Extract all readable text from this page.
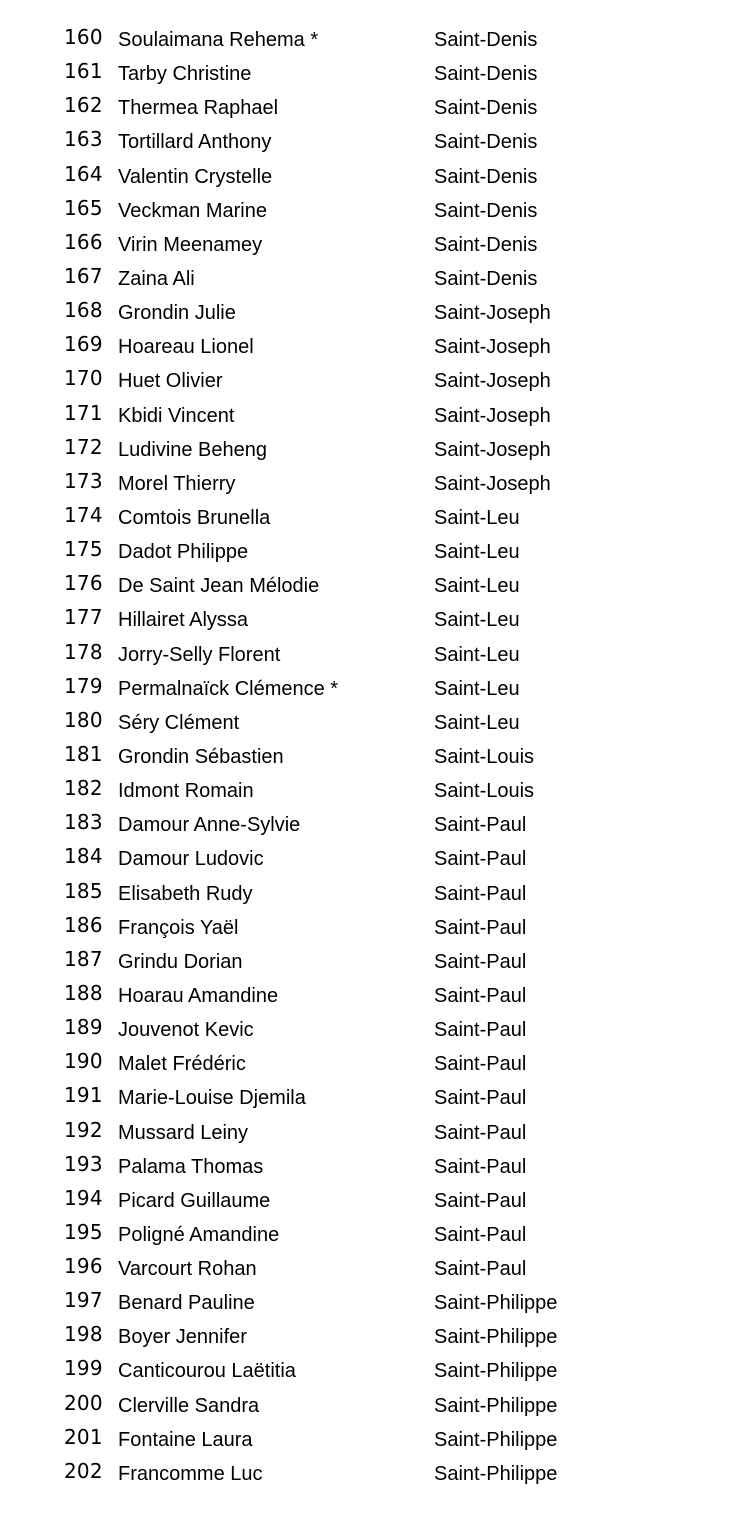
160 Soulaimana Rehema *	Saint-Denis
161 Tarby Christine	Saint-Denis
162 Thermea Raphael	Saint-Denis
163 Tortillard Anthony	Saint-Denis
164 Valentin Crystelle	Saint-Denis
165 Veckman Marine	Saint-Denis
166 Virin Meenamey	Saint-Denis
167 Zaina Ali	Saint-Denis
168 Grondin Julie	Saint-Joseph
169 Hoareau Lionel	Saint-Joseph
170 Huet Olivier	Saint-Joseph
171 Kbidi Vincent	Saint-Joseph
172 Ludivine Beheng	Saint-Joseph
173 Morel Thierry	Saint-Joseph
174 Comtois Brunella	Saint-Leu
175 Dadot Philippe	Saint-Leu
176 De Saint Jean Mélodie	Saint-Leu
177 Hillairet Alyssa	Saint-Leu
178 Jorry-Selly Florent	Saint-Leu
179 Permalnaïck Clémence *	Saint-Leu
180 Séry Clément	Saint-Leu
181 Grondin Sébastien	Saint-Louis
182 Idmont Romain	Saint-Louis
183 Damour Anne-Sylvie	Saint-Paul
184 Damour Ludovic	Saint-Paul
185 Elisabeth Rudy	Saint-Paul
186 François Yaël	Saint-Paul
187 Grindu Dorian	Saint-Paul
188 Hoarau Amandine	Saint-Paul
189 Jouvenot Kevic	Saint-Paul
190 Malet Frédéric	Saint-Paul
191 Marie-Louise Djemila	Saint-Paul
192 Mussard Leiny	Saint-Paul
193 Palama Thomas	Saint-Paul
194 Picard Guillaume	Saint-Paul
195 Poligné Amandine	Saint-Paul
196 Varcourt Rohan	Saint-Paul
197 Benard Pauline	Saint-Philippe
198 Boyer Jennifer	Saint-Philippe
199 Canticourou Laëtitia	Saint-Philippe
200 Clerville Sandra	Saint-Philippe
201 Fontaine Laura	Saint-Philippe
202 Francomme Luc	Saint-Philippe
